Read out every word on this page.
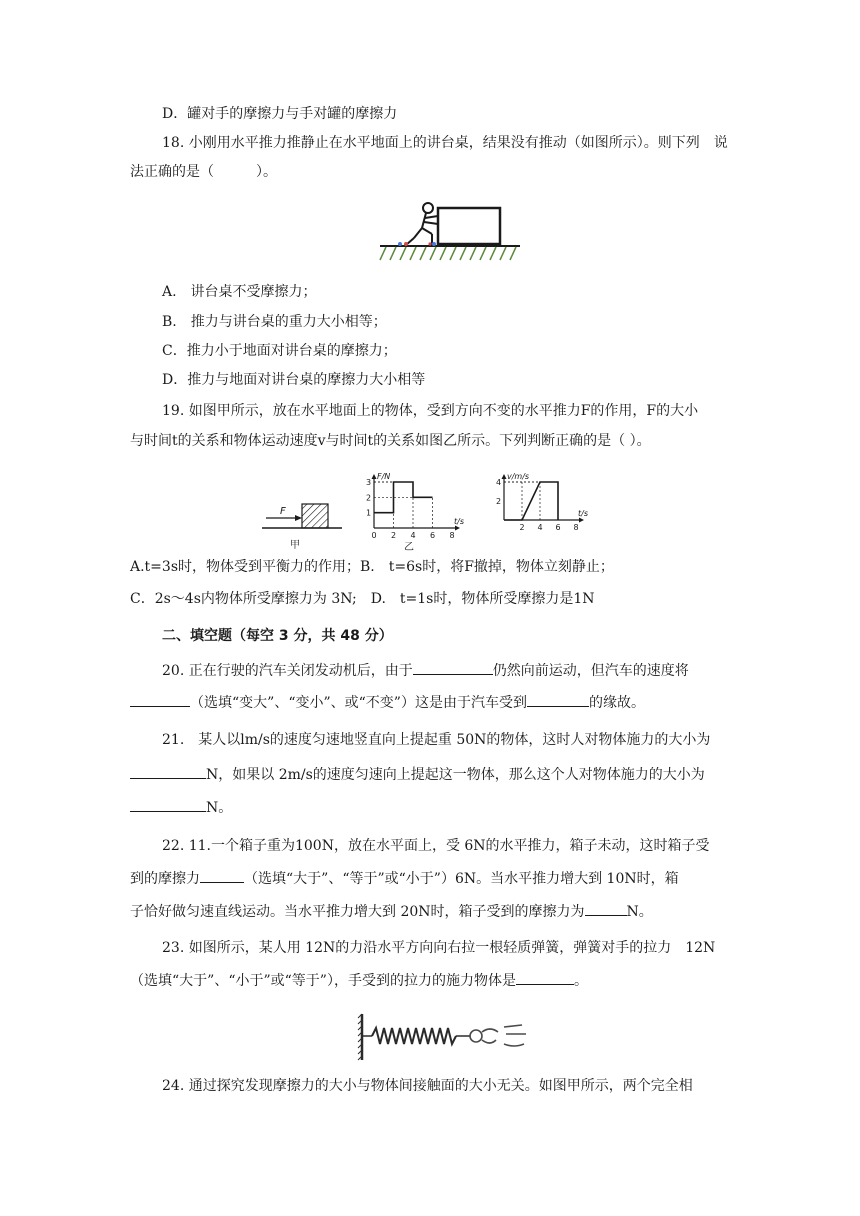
D．罐对手的摩擦力与手对罐的摩擦力
18. 小刚用水平推力推静止在水平地面上的讲台桌，结果没有推动（如图所示）。则下列　说
法正确的是（　　　）。
A.　讲台桌不受摩擦力；
B.　推力与讲台桌的重力大小相等；
C．推力小于地面对讲台桌的摩擦力；
D．推力与地面对讲台桌的摩擦力大小相等
19. 如图甲所示，放在水平地面上的物体，受到方向不变的水平推力F的作用，F的大小
与时间t的关系和物体运动速度v与时间t的关系如图乙所示。下列判断正确的是（ ）。
F
甲
F/N
t/s
0 2 4 6 8
1
2
3
乙
v/m/s
t/s
2 4 6 8
2
4
A.t=3s时，物体受到平衡力的作用；B.　t=6s时，将F撤掉，物体立刻静止；
C．2s～4s内物体所受摩擦力为 3N;　D.　t=1s时，物体所受摩擦力是1N
二、填空题（每空 3 分，共 48 分）
20. 正在行驶的汽车关闭发动机后，由于	仍然向前运动，但汽车的速度将
（选填“变大”、“变小”、或“不变”）这是由于汽车受到	的缘故。
21.　某人以lm/s的速度匀速地竖直向上提起重 50N的物体，这时人对物体施力的大小为
N，如果以 2m/s的速度匀速向上提起这一物体，那么这个人对物体施力的大小为
N。
22. 11.一个箱子重为100N，放在水平面上，受 6N的水平推力，箱子未动，这时箱子受
到的摩擦力	（选填“大于”、“等于”或“小于”）6N。当水平推力增大到 10N时，箱
子恰好做匀速直线运动。当水平推力增大到 20N时，箱子受到的摩擦力为	N。
23. 如图所示，某人用 12N的力沿水平方向向右拉一根轻质弹簧，弹簧对手的拉力　12N
（选填“大于”、“小于”或“等于”），手受到的拉力的施力物体是	。
24. 通过探究发现摩擦力的大小与物体间接触面的大小无关。如图甲所示，两个完全相
